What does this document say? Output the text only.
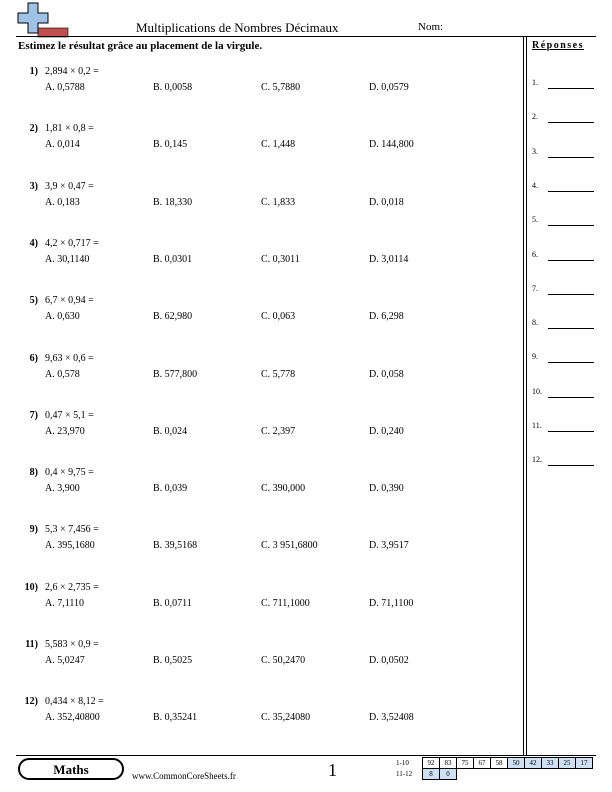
Multiplications de Nombres Décimaux	Nom:
Estimez le résultat grâce au placement de la virgule.	Réponses
1) 2,894 × 0,2 =
A. 0,5788	B. 0,0058	C. 5,7880	D. 0,0579
2) 1,81 × 0,8 =
A. 0,014	B. 0,145	C. 1,448	D. 144,800
3) 3,9 × 0,47 =
A. 0,183	B. 18,330	C. 1,833	D. 0,018
4) 4,2 × 0,717 =
A. 30,1140	B. 0,0301	C. 0,3011	D. 3,0114
5) 6,7 × 0,94 =
A. 0,630	B. 62,980	C. 0,063	D. 6,298
6) 9,63 × 0,6 =
A. 0,578	B. 577,800	C. 5,778	D. 0,058
7) 0,47 × 5,1 =
A. 23,970	B. 0,024	C. 2,397	D. 0,240
8) 0,4 × 9,75 =
A. 3,900	B. 0,039	C. 390,000	D. 0,390
9) 5,3 × 7,456 =
A. 395,1680	B. 39,5168	C. 3 951,6800	D. 3,9517
10) 2,6 × 2,735 =
A. 7,1110	B. 0,0711	C. 711,1000	D. 71,1100
11) 5,583 × 0,9 =
A. 5,0247	B. 0,5025	C. 50,2470	D. 0,0502
12) 0,434 × 8,12 =
A. 352,40800	B. 0,35241	C. 35,24080	D. 3,52408
1.
2.
3.
4.
5.
6.
7.
8.
9.
10.
11.
12.
Maths	www.CommonCoreSheets.fr	1	1-10	92	83	75	67	58	50	42	33	25	17
11-12	8	0								
